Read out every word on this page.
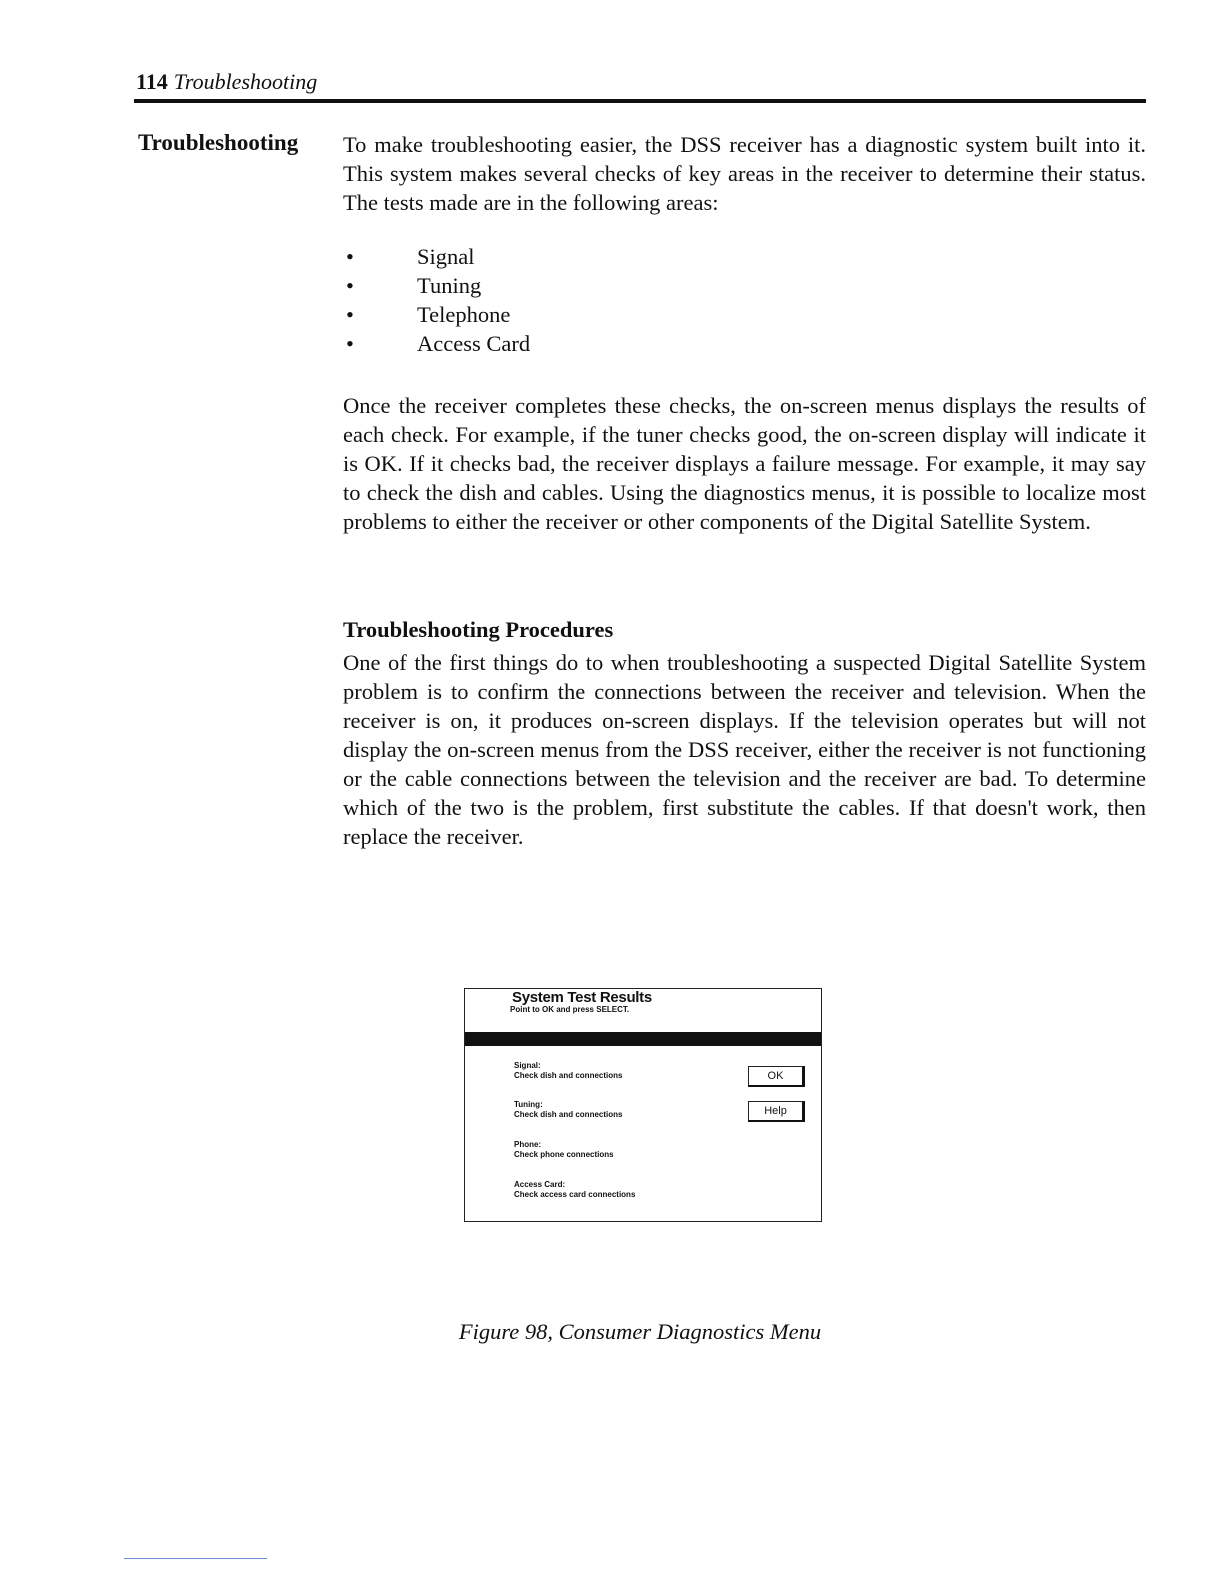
114 Troubleshooting
Troubleshooting To make troubleshooting easier, the DSS receiver has a diagnostic system built into it. This system makes several checks of key areas in the receiver to determine their status. The tests made are in the following areas:

•	Signal
•	Tuning
•	Telephone
•	Access Card

Once the receiver completes these checks, the on-screen menus displays the results of each check. For example, if the tuner checks good, the on-screen display will indicate it is OK. If it checks bad, the receiver displays a failure message. For example, it may say to check the dish and cables. Using the diagnostics menus, it is possible to localize most problems to either the receiver or other components of the Digital Satellite System.

Troubleshooting Procedures

One of the first things do to when troubleshooting a suspected Digital Satellite System problem is to confirm the connections between the receiver and television. When the receiver is on, it produces on-screen displays. If the television operates but will not display the on-screen menus from the DSS receiver, either the receiver is not functioning or the cable connections between the television and the receiver are bad. To determine which of the two is the problem, first substitute the cables. If that doesn't work, then replace the receiver.

System Test Results
Point to OK and press SELECT.
Signal:
Check dish and connections
Tuning:
Check dish and connections
Phone:
Check phone connections
Access Card:
Check access card connections
OK
Help
Figure 98, Consumer Diagnostics Menu
